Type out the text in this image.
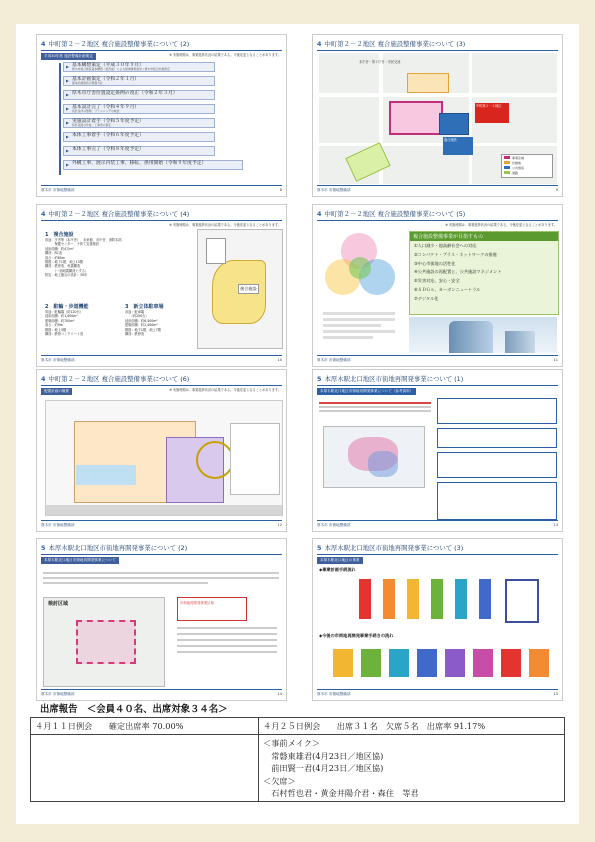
4 中町第２－２地区 複合施設整備事業について (2)
※ 実施時期は、事業進捗状況の結果である。今後変更となることがあります。
平成30年度 施設整備計画策定
▶ 基本構想策定（平成３０年９月）
厚木市複合施設基本構想（案作成）による地域事業検討 / 厚木市総合計画策定
▶ 基本計画策定（令和２年１月）
基本計画施設の整備方針
▶ 厚木市庁舎位置設定条例の改正（令和２年３月）
▶ 基本設計完了（令和４年９月）
設計条件の整理、プランニングの検討
▶ 実施設計着手（令和５年度予定）
設計図面の作成、工事費の算定
▶ 本体工事着手（令和６年度予定）
▶ 本体工事完了（令和８年度予定）
▶ 外構工事、展示内装工事、移転、供用開始（令和９年度予定）
厚木市 市街地整備部	8
4 中町第２－２地区 複合施設整備事業について (3)
本庁舎・第２庁舎・市民交流
中町第２－２地区
複合施設
事業区域
計画地
公共施設
道路
厚木市 市街地整備部	9
4 中町第２－２地区 複合施設整備事業について (4)
※ 実施時期は、事業進捗状況の結果である。今後変更となることがあります。
1　複合施設
用途：庁舎等（本庁舎）、未来館、市庁舎、消防本部、
　　　保健センター、子育て支援施設
延床面積：約4万m²
構造：RC造
高さ：約60m
階数：地下1階、地上13階
構造：鉄骨造、免震構造
　　　（一部耐震構造とする）
防災：地上拠点の設計：30年
2　駐輪・歩道機能
用途：駐輪場（約120台）
延床面積：約1,400m²
建築面積：約700m²
高さ：約9m
階数：地上3階
構造：鉄骨コンクリート造
3　新立体駐車場
用途：駐車場
　　（約250台）
延床面積：約6,400m²
建築面積：約2,400m²
階数：地下1階、地上7階
構造：鉄骨造
複合施設
厚木市 市街地整備部	10
4 中町第２－２地区 複合施設整備事業について (5)
※ 実施時期は、事業進捗状況の結果である。今後変更となることがあります。
複合施設整備事業が目指すもの
①人口減少・超高齢社会への対応
②コンパクト・プラス・ネットワークの推進
③中心市街地の活性化
④公共施設の再配置と、公共施設マネジメント
⑤災害対応、安心・安全
⑥ＳＤＧｓ、カーボンニュートラル
⑦デジタル化
厚木市 市街地整備部	11
4 中町第２－２地区 複合施設整備事業について (6)
※ 実施時期は、事業進捗状況の結果である。今後変更となることがあります。
配置計画の概要
厚木市 市街地整備部	12
5 本厚木駅北口地区市街地再開発事業について (1)
本厚木駅北口地区市街地再開発事業について（参考資料）
厚木市 市街地整備部	13
5 本厚木駅北口地区市街地再開発事業について (2)
本厚木駅北口地区市街地再開発事業について
検討区域	市街地再開発事業区域
厚木市 市街地整備部	14
5 本厚木駅北口地区市街地再開発事業について (3)
本厚木駅北口地区の事業
◆事業計画手続流れ
◆今後の市街地再開発事業手続きの流れ
厚木市 市街地整備部	15
出席報告　＜会員４０名、出席対象３４名＞
４月１１日例会　　確定出席率 70.00%	４月２５日例会　　出席３１名　欠席５名　出席率 91.17%

	＜事前メイク＞
　常磐東雄君(4月23日／地区協)
　前田賢一君(4月23日／地区協)
＜欠席＞
　石村哲也君・黄金井陽介君・森住　等君
